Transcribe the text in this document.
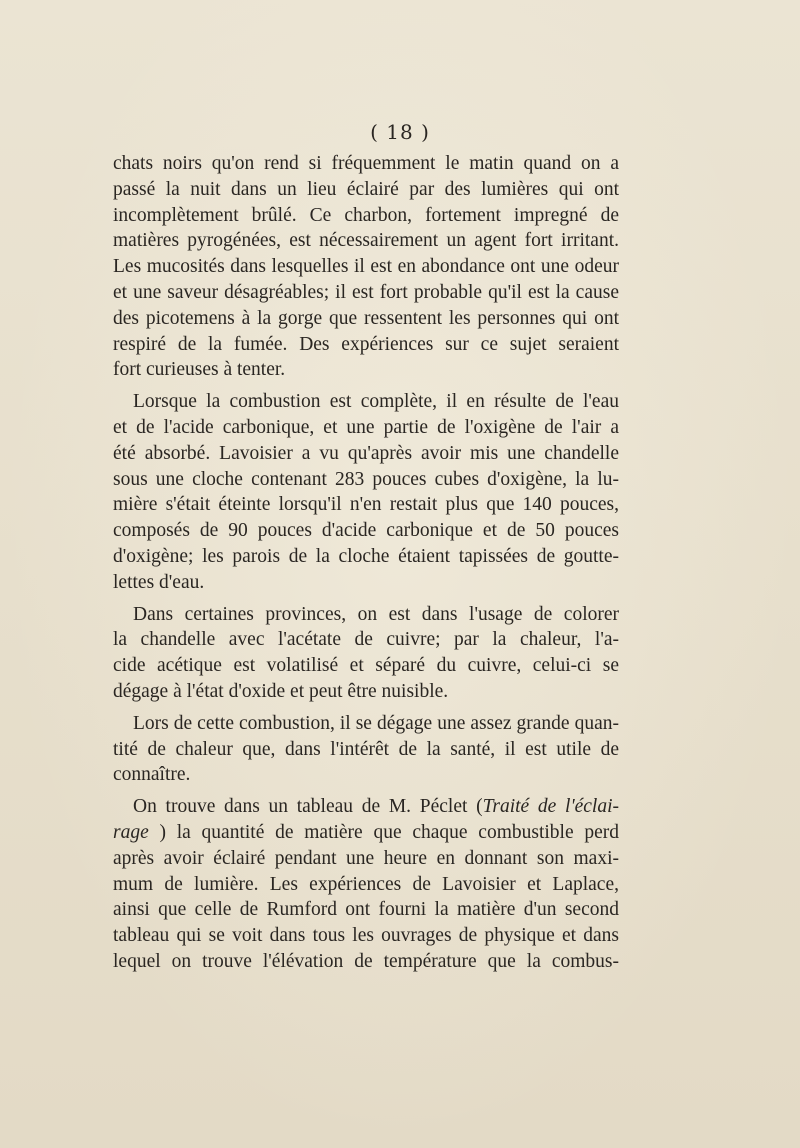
( 18 )
chats noirs qu'on rend si fréquemment le matin quand on a
passé la nuit dans un lieu éclairé par des lumières qui ont
incomplètement brûlé. Ce charbon, fortement impregné de
matières pyrogénées, est nécessairement un agent fort irritant.
Les mucosités dans lesquelles il est en abondance ont une odeur
et une saveur désagréables; il est fort probable qu'il est la cause
des picotemens à la gorge que ressentent les personnes qui ont
respiré de la fumée. Des expériences sur ce sujet seraient
fort curieuses à tenter.
Lorsque la combustion est complète, il en résulte de l'eau
et de l'acide carbonique, et une partie de l'oxigène de l'air a
été absorbé. Lavoisier a vu qu'après avoir mis une chandelle
sous une cloche contenant 283 pouces cubes d'oxigène, la lu-
mière s'était éteinte lorsqu'il n'en restait plus que 140 pouces,
composés de 90 pouces d'acide carbonique et de 50 pouces
d'oxigène; les parois de la cloche étaient tapissées de goutte-
lettes d'eau.
Dans certaines provinces, on est dans l'usage de colorer
la chandelle avec l'acétate de cuivre; par la chaleur, l'a-
cide acétique est volatilisé et séparé du cuivre, celui-ci se
dégage à l'état d'oxide et peut être nuisible.
Lors de cette combustion, il se dégage une assez grande quan-
tité de chaleur que, dans l'intérêt de la santé, il est utile de
connaître.
On trouve dans un tableau de M. Péclet (Traité de l'éclai-
rage ) la quantité de matière que chaque combustible perd
après avoir éclairé pendant une heure en donnant son maxi-
mum de lumière. Les expériences de Lavoisier et Laplace,
ainsi que celle de Rumford ont fourni la matière d'un second
tableau qui se voit dans tous les ouvrages de physique et dans
lequel on trouve l'élévation de température que la combus-
